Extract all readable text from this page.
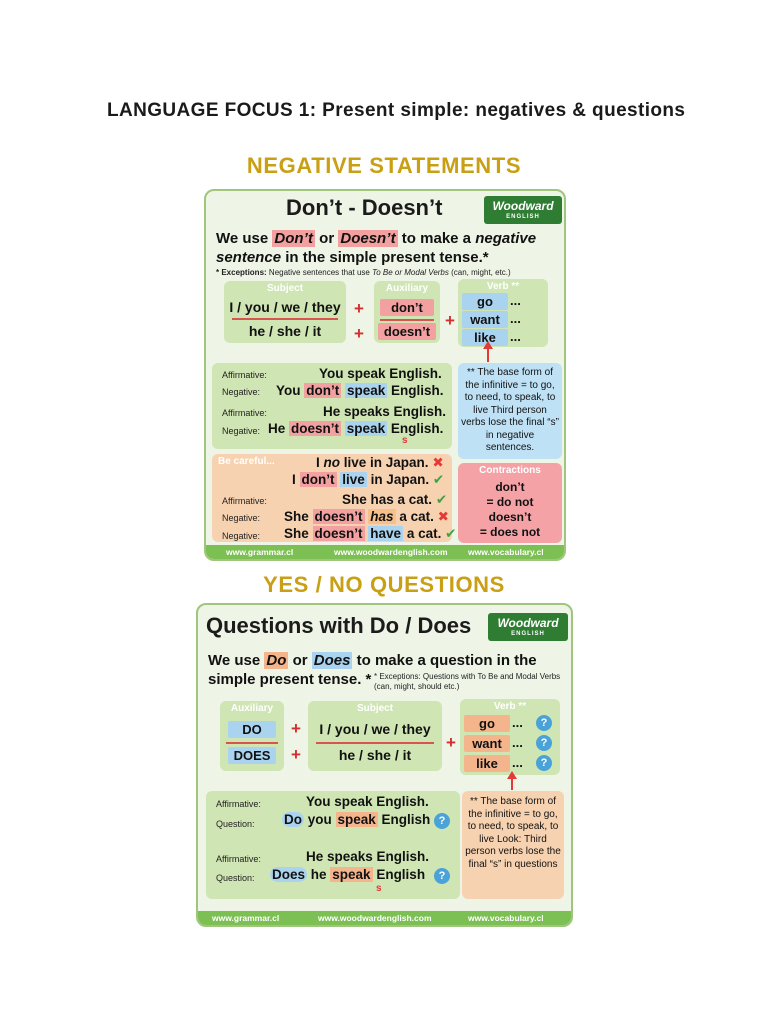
LANGUAGE FOCUS 1: Present simple: negatives & questions
NEGATIVE STATEMENTS
Don’t - Doesn’t	Woodward
ENGLISH
We use Don’t or Doesn’t to make a negative
sentence in the simple present tense.*
* Exceptions: Negative sentences that use To Be or Modal Verbs (can, might, etc.)
Subject
I / you / we / they
he / she / it
+
+
Auxiliary
don’t
doesn’t
+
Verb **
go	...
want ...
like	...
Affirmative:	You speak English.
Negative: You don’t speak English.
Affirmative:	He speaks English.
Negative: He doesn’t speak English.
s
** The base form of the infinitive = to go, to need, to speak, to live Third person verbs lose the final “s” in negative sentences.
Be careful...	I no live in Japan. ✖
I don’t live in Japan. ✔
Affirmative:	She has a cat. ✔
Negative: She doesn’t has a cat. ✖
Negative: She doesn’t have a cat. ✔
Contractions
don’t
= do not
doesn’t
= does not
www.grammar.cl	www.woodwardenglish.com www.vocabulary.cl
YES / NO QUESTIONS
Questions with Do / Does	Woodward
ENGLISH
We use Do or Does to make a question in the
simple present tense. * * Exceptions: Questions with To Be and Modal Verbs (can, might, should etc.)
Auxiliary
DO
DOES
+
+
Subject
I / you / we / they
he / she / it
+
Verb **
go	...	?
want ...	?
like	...	?
Affirmative:	You speak English.
Question: Do you speak English ?
Affirmative:	He speaks English.
Question: Does he speak English	?
s
** The base form of the infinitive = to go, to need, to speak, to live Look: Third person verbs lose the final “s” in questions
www.grammar.cl	www.woodwardenglish.com	www.vocabulary.cl
